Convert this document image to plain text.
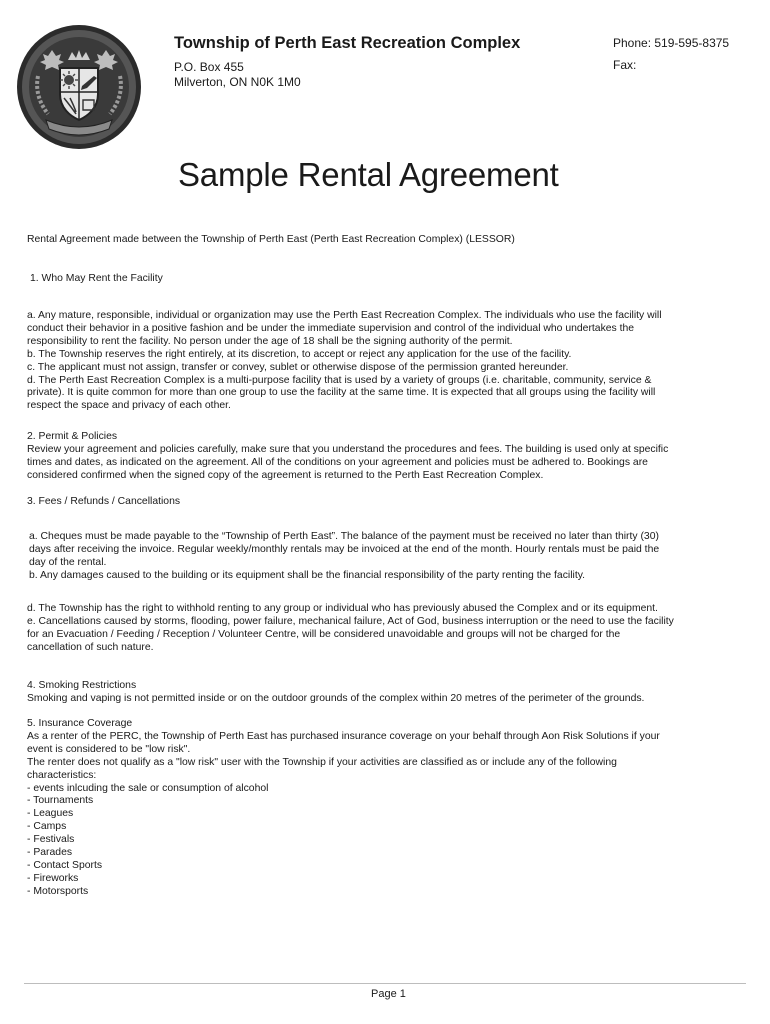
Township of Perth East Recreation Complex
P.O. Box 455
Milverton, ON N0K 1M0
Phone: 519-595-8375
Fax:
Sample Rental Agreement
Rental Agreement made between the Township of Perth East (Perth East Recreation Complex) (LESSOR)
1. Who May Rent the Facility
a. Any mature, responsible, individual or organization may use the Perth East Recreation Complex. The individuals who use the facility will
conduct their behavior in a positive fashion and be under the immediate supervision and control of the individual who undertakes the
responsibility to rent the facility. No person under the age of 18 shall be the signing authority of the permit.
b. The Township reserves the right entirely, at its discretion, to accept or reject any application for the use of the facility.
c. The applicant must not assign, transfer or convey, sublet or otherwise dispose of the permission granted hereunder.
d. The Perth East Recreation Complex is a multi-purpose facility that is used by a variety of groups (i.e. charitable, community, service &
private). It is quite common for more than one group to use the facility at the same time. It is expected that all groups using the facility will
respect the space and privacy of each other.
2. Permit & Policies
Review your agreement and policies carefully, make sure that you understand the procedures and fees. The building is used only at specific
times and dates, as indicated on the agreement. All of the conditions on your agreement and policies must be adhered to. Bookings are
considered confirmed when the signed copy of the agreement is returned to the Perth East Recreation Complex.
3. Fees / Refunds / Cancellations
a. Cheques must be made payable to the “Township of Perth East”. The balance of the payment must be received no later than thirty (30)
days after receiving the invoice. Regular weekly/monthly rentals may be invoiced at the end of the month. Hourly rentals must be paid the
day of the rental.
b. Any damages caused to the building or its equipment shall be the financial responsibility of the party renting the facility.
d. The Township has the right to withhold renting to any group or individual who has previously abused the Complex and or its equipment.
e. Cancellations caused by storms, flooding, power failure, mechanical failure, Act of God, business interruption or the need to use the facility
for an Evacuation / Feeding / Reception / Volunteer Centre, will be considered unavoidable and groups will not be charged for the
cancellation of such nature.
4. Smoking Restrictions
Smoking and vaping is not permitted inside or on the outdoor grounds of the complex within 20 metres of the perimeter of the grounds.
5. Insurance Coverage
As a renter of the PERC, the Township of Perth East has purchased insurance coverage on your behalf through Aon Risk Solutions if your
event is considered to be "low risk".
The renter does not qualify as a "low risk" user with the Township if your activities are classified as or include any of the following
characteristics:
- events inlcuding the sale or consumption of alcohol
- Tournaments
- Leagues
- Camps
- Festivals
- Parades
- Contact Sports
- Fireworks
- Motorsports
Page 1
